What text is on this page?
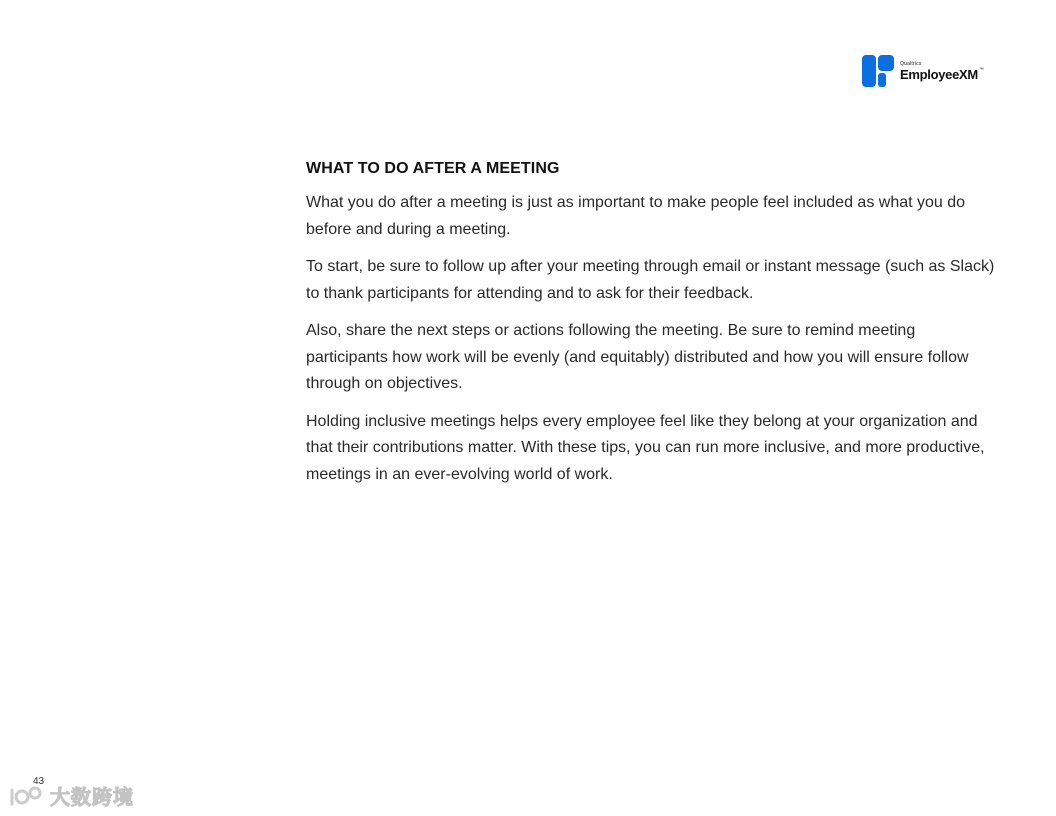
Qualtrics
EmployeeXM™
WHAT TO DO AFTER A MEETING

What you do after a meeting is just as important to make people feel included as what you do before and during a meeting.

To start, be sure to follow up after your meeting through email or instant message (such as Slack) to thank participants for attending and to ask for their feedback.

Also, share the next steps or actions following the meeting. Be sure to remind meeting participants how work will be evenly (and equitably) distributed and how you will ensure follow through on objectives.

Holding inclusive meetings helps every employee feel like they belong at your organization and that their contributions matter. With these tips, you can run more inclusive, and more productive, meetings in an ever-evolving world of work.

43
大数跨境
